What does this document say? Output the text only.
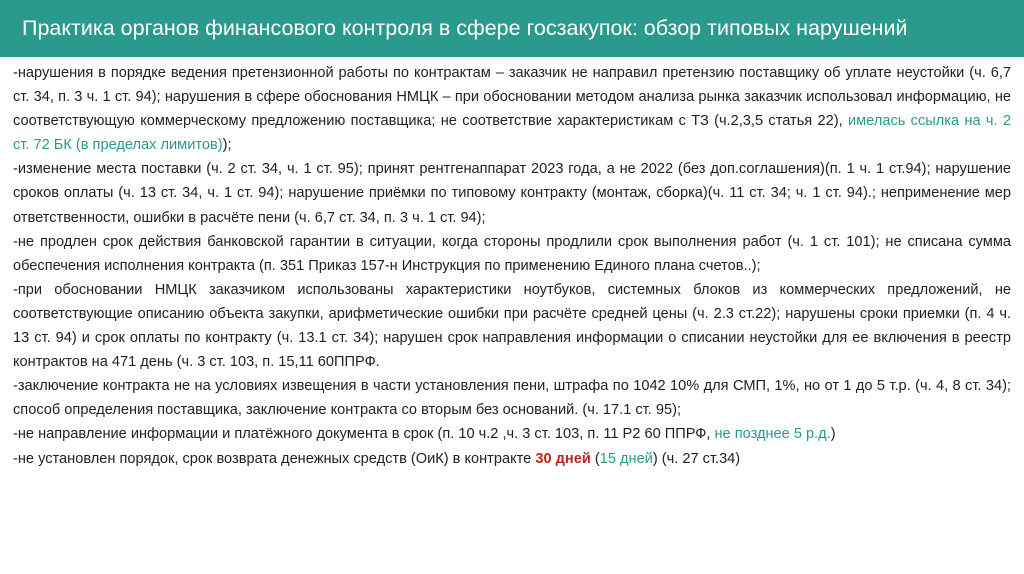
Практика органов финансового контроля в сфере госзакупок: обзор типовых нарушений

-нарушения в порядке ведения претензионной работы по контрактам – заказчик не направил претензию поставщику об уплате неустойки (ч. 6,7 ст. 34, п. 3 ч. 1 ст. 94); нарушения в сфере обоснования НМЦК – при обосновании методом анализа рынка заказчик использовал информацию, не соответствующую коммерческому предложению поставщика; не соответствие характеристикам с ТЗ (ч.2,3,5 статья 22), имелась ссылка на ч. 2 ст. 72 БК (в пределах лимитов));

-изменение места поставки (ч. 2 ст. 34, ч. 1 ст. 95); принят рентгенаппарат 2023 года, а не 2022 (без доп.соглашения)(п. 1 ч. 1 ст.94); нарушение сроков оплаты (ч. 13 ст. 34, ч. 1 ст. 94); нарушение приёмки по типовому контракту (монтаж, сборка)(ч. 11 ст. 34; ч. 1 ст. 94).; неприменение мер ответственности, ошибки в расчёте пени (ч. 6,7 ст. 34, п. 3 ч. 1 ст. 94);

-не продлен срок действия банковской гарантии в ситуации, когда стороны продлили срок выполнения работ (ч. 1 ст. 101); не списана сумма обеспечения исполнения контракта (п. 351 Приказ 157-н Инструкция по применению Единого плана счетов..);

-при обосновании НМЦК заказчиком использованы характеристики ноутбуков, системных блоков из коммерческих предложений, не соответствующие описанию объекта закупки, арифметические ошибки при расчёте средней цены (ч. 2.3 ст.22); нарушены сроки приемки (п. 4 ч. 13 ст. 94) и срок оплаты по контракту (ч. 13.1 ст. 34); нарушен срок направления информации о списании неустойки для ее включения в реестр контрактов на 471 день (ч. 3 ст. 103, п. 15,11 60ППРФ.

-заключение контракта не на условиях извещения в части установления пени, штрафа по 1042 10% для СМП, 1%, но от 1 до 5 т.р. (ч. 4, 8 ст. 34); способ определения поставщика, заключение контракта со вторым без оснований. (ч. 17.1 ст. 95);

-не направление информации и платёжного документа в срок (п. 10 ч.2 ,ч. 3 ст. 103, п. 11 Р2 60 ППРФ, не позднее 5 р.д.)

-не установлен порядок, срок возврата денежных средств (ОиК) в контракте 30 дней (15 дней) (ч. 27 ст.34)
